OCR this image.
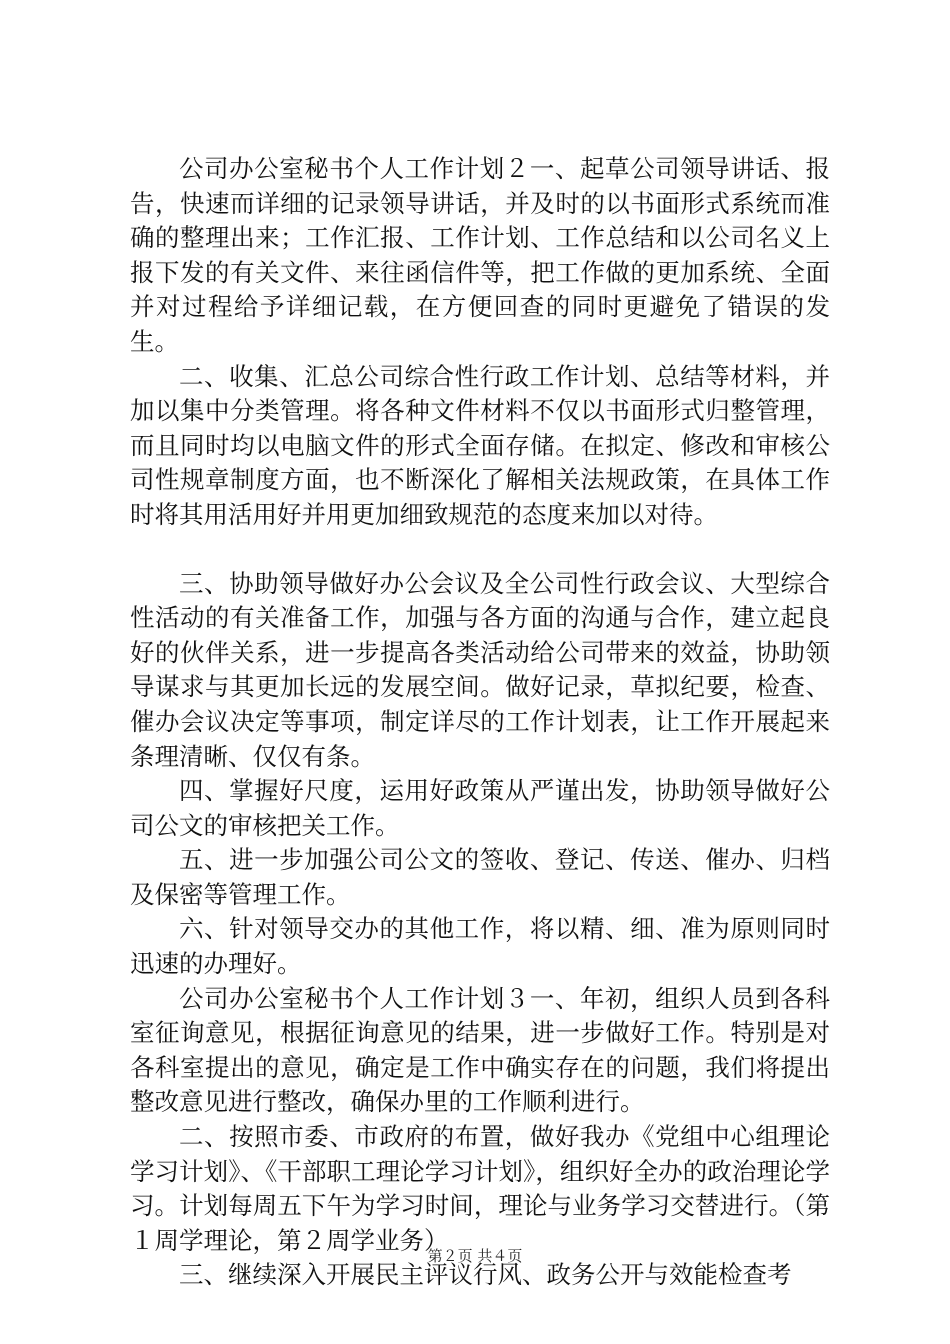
公司办公室秘书个人工作计划２一、起草公司领导讲话、报告，快速而详细的记录领导讲话，并及时的以书面形式系统而准确的整理出来；工作汇报、工作计划、工作总结和以公司名义上报下发的有关文件、来往函信件等，把工作做的更加系统、全面并对过程给予详细记载，在方便回查的同时更避免了错误的发生。

二、收集、汇总公司综合性行政工作计划、总结等材料，并加以集中分类管理。将各种文件材料不仅以书面形式归整管理，而且同时均以电脑文件的形式全面存储。在拟定、修改和审核公司性规章制度方面，也不断深化了解相关法规政策，在具体工作时将其用活用好并用更加细致规范的态度来加以对待。

三、协助领导做好办公会议及全公司性行政会议、大型综合性活动的有关准备工作，加强与各方面的沟通与合作，建立起良好的伙伴关系，进一步提高各类活动给公司带来的效益，协助领导谋求与其更加长远的发展空间。做好记录，草拟纪要，检查、催办会议决定等事项，制定详尽的工作计划表，让工作开展起来条理清晰、仅仅有条。

四、掌握好尺度，运用好政策从严谨出发，协助领导做好公司公文的审核把关工作。

五、进一步加强公司公文的签收、登记、传送、催办、归档及保密等管理工作。

六、针对领导交办的其他工作，将以精、细、准为原则同时迅速的办理好。

公司办公室秘书个人工作计划３一、年初，组织人员到各科室征询意见，根据征询意见的结果，进一步做好工作。特别是对各科室提出的意见，确定是工作中确实存在的问题，我们将提出整改意见进行整改，确保办里的工作顺利进行。

二、按照市委、市政府的布置，做好我办《党组中心组理论学习计划》、《干部职工理论学习计划》，组织好全办的政治理论学习。计划每周五下午为学习时间，理论与业务学习交替进行。（第１周学理论，第２周学业务）

三、继续深入开展民主评议行风、政务公开与效能检查考

第２页 共４页
